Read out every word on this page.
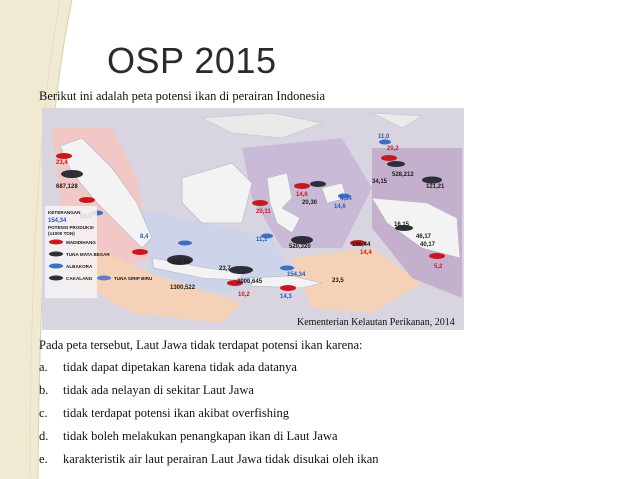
OSP 2015
Berikut ini adalah peta potensi ikan di perairan Indonesia
23,4
687,128
8,4
106,50
23,7
1300,522
2000,645
10,2	14,3
154,34
23,5
20,11
11,1
520,320
20,30
190,44
14,4
16,15
40,17
5,2
46,17
14,6
14,6
34,15
528,212
121,21
20,2
11,0
4,34
KETERANGAN
154,34
POTENSI PRODUKSI
(x1000 TON)
MADIDIHANG
TUNA MATA BESAR
ALBAKORA
CAKALANG	TUNA SIRIP BIRU
Kementerian Kelautan Perikanan, 2014
Pada peta tersebut, Laut Jawa tidak terdapat potensi ikan karena:
a. tidak dapat dipetakan karena tidak ada datanya
b. tidak ada nelayan di sekitar Laut Jawa
c. tidak terdapat potensi ikan akibat overfishing
d. tidak boleh melakukan penangkapan ikan di Laut Jawa
e. karakteristik air laut perairan Laut Jawa tidak disukai oleh ikan
